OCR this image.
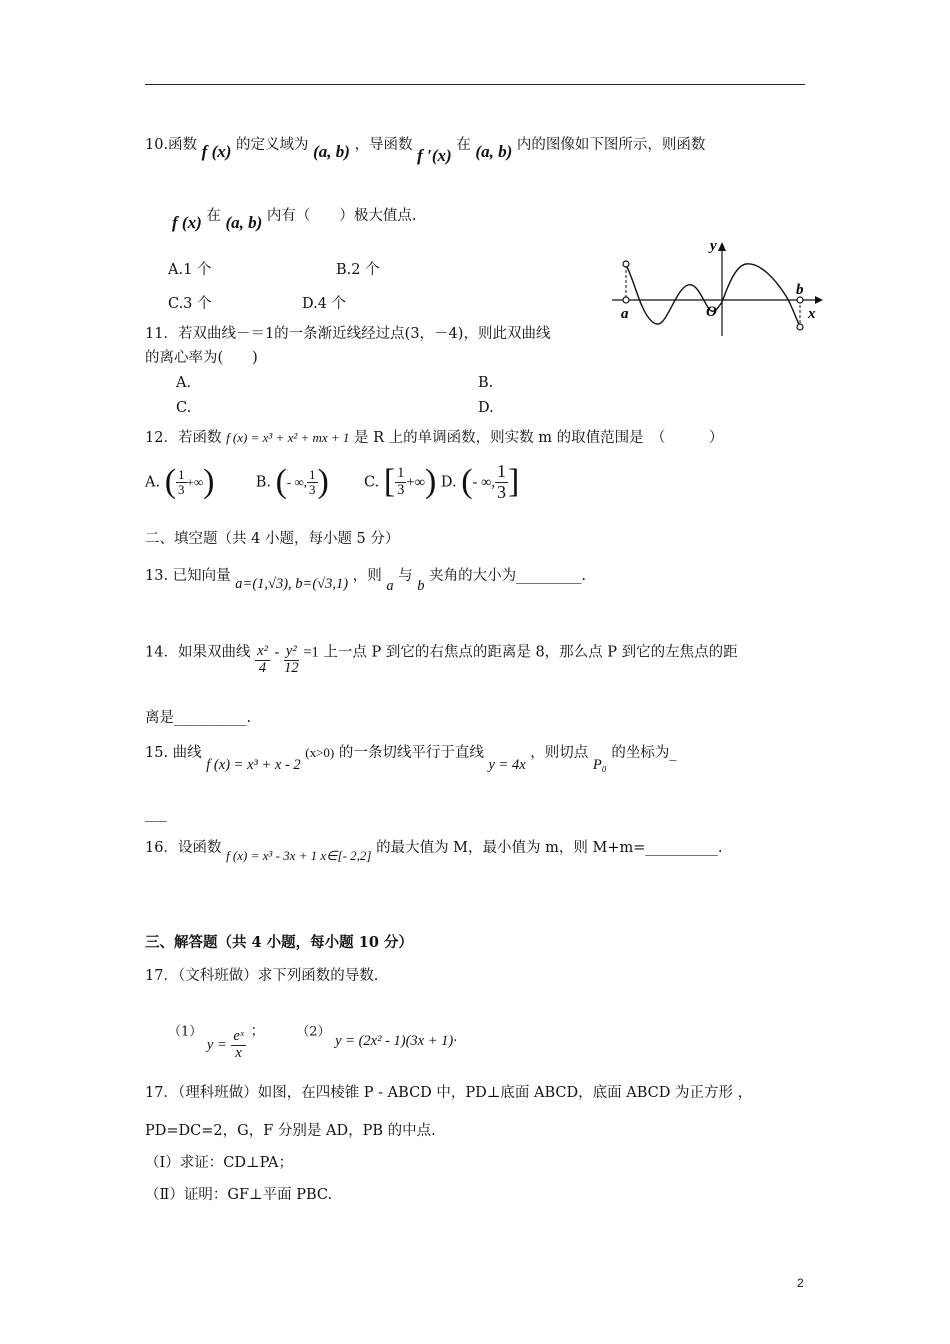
10.函数 f (x) 的定义域为 (a, b) ，导函数 f ′(x) 在 (a, b) 内的图像如下图所示，则函数
f (x) 在 (a, b) 内有（　　）极大值点.
A.1 个	B.2 个
C.3 个	D.4 个
y
x
a
b
O
11．若双曲线－＝1的一条渐近线经过点(3，－4)，则此双曲线
的离心率为(　　)
A.	B.
C.	D.
12．若函数 f (x) = x³ + x² + mx + 1 是 R 上的单调函数，则实数 m 的取值范围是　（　　　）
A. ( $\frac{1}{3}$ +∞)	B. (- ∞, $\frac{1}{3}$ ) C. [ $\frac{1}{3}$ +∞) D. (- ∞, $\frac{1}{3}$ ]
二、填空题（共 4 小题，每小题 5 分）
13. 已知向量 a=(1,√3), b=(√3,1) ，则 a 与 b 夹角的大小为_________.
14．如果双曲线 $\frac{\text{x²}}{4} - \frac{\text{y²}}{12} =1$ 上一点 P 到它的右焦点的距离是 8，那么点 P 到它的左焦点的距
离是__________.
15. 曲线 f (x) = x³ + x - 2 (x>0) 的一条切线平行于直线 y = 4x ，则切点 P₀ 的坐标为_
___
16．设函数 f (x) = x³ - 3x + 1 x∈[- 2,2] 的最大值为 M，最小值为 m，则 M+m=__________.
三、解答题（共 4 小题，每小题 10 分）
17．（文科班做）求下列函数的导数.
（1） $y = \frac{\text{eˣ}}{x}$ ； （2） y = (2x² - 1)(3x + 1)·
17．（理科班做）如图，在四棱锥 P - ABCD 中，PD⊥底面 ABCD，底面 ABCD 为正方形 ，
PD=DC=2，G，F 分别是 AD，PB 的中点.
（Ⅰ）求证：CD⊥PA；
（Ⅱ）证明：GF⊥平面 PBC.
2
